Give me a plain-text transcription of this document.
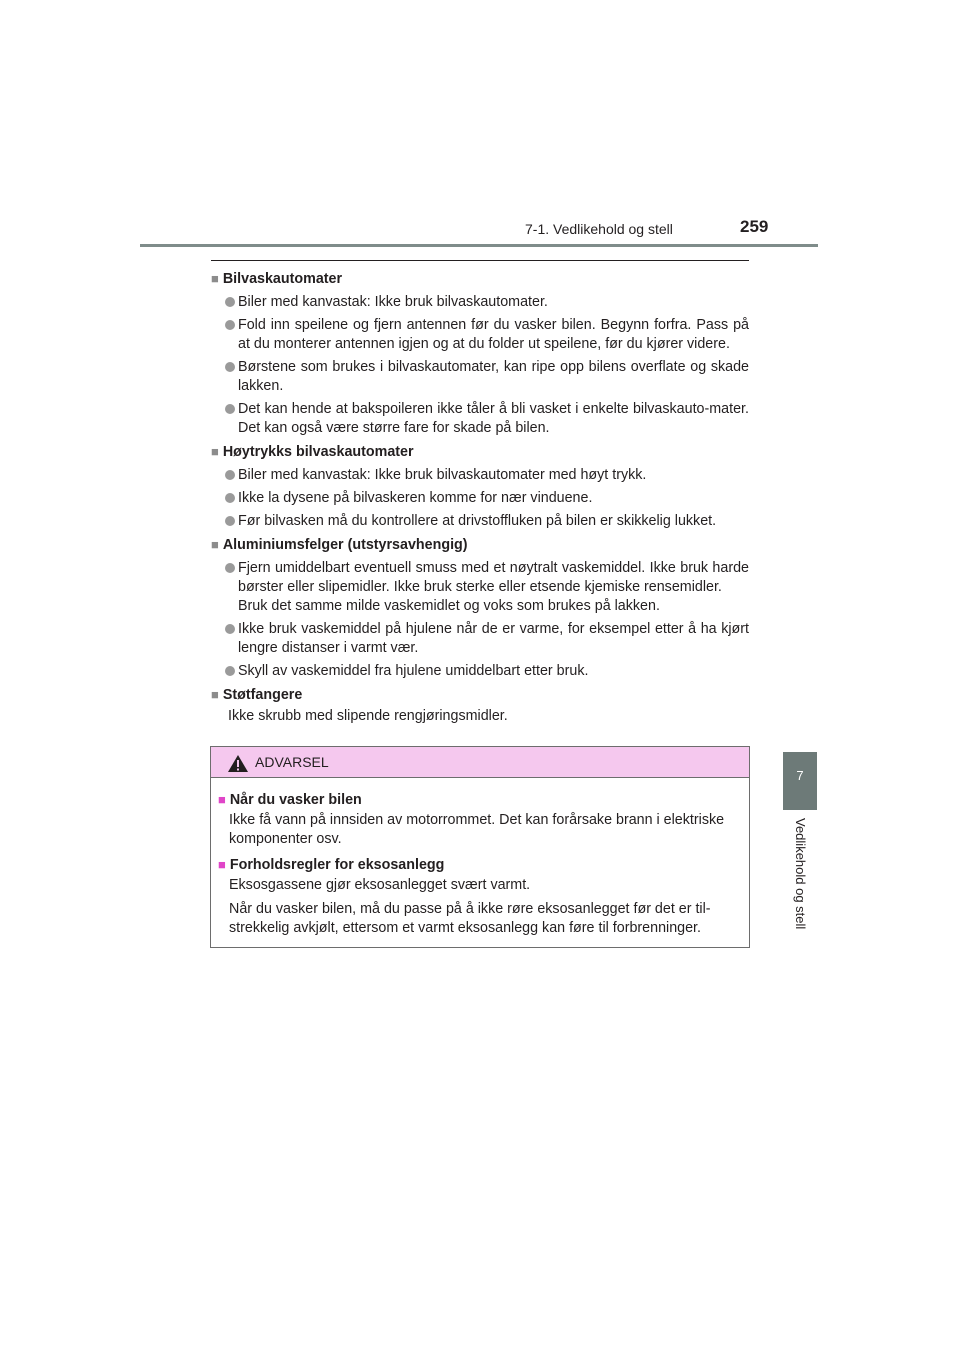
7-1. Vedlikehold og stell	259
7
Vedlikehold og stell
■ Bilvaskautomater
Biler med kanvastak: Ikke bruk bilvaskautomater.
Fold inn speilene og fjern antennen før du vasker bilen. Begynn forfra. Pass på at du monterer antennen igjen og at du folder ut speilene, før du kjører videre.
Børstene som brukes i bilvaskautomater, kan ripe opp bilens overflate og skade lakken.
Det kan hende at bakspoileren ikke tåler å bli vasket i enkelte bilvaskauto-mater. Det kan også være større fare for skade på bilen.
■ Høytrykks bilvaskautomater
Biler med kanvastak: Ikke bruk bilvaskautomater med høyt trykk.
Ikke la dysene på bilvaskeren komme for nær vinduene.
Før bilvasken må du kontrollere at drivstoffluken på bilen er skikkelig lukket.
■ Aluminiumsfelger (utstyrsavhengig)
Fjern umiddelbart eventuell smuss med et nøytralt vaskemiddel. Ikke bruk harde børster eller slipemidler. Ikke bruk sterke eller etsende kjemiske rensemidler.
Bruk det samme milde vaskemidlet og voks som brukes på lakken.
Ikke bruk vaskemiddel på hjulene når de er varme, for eksempel etter å ha kjørt lengre distanser i varmt vær.
Skyll av vaskemiddel fra hjulene umiddelbart etter bruk.
■ Støtfangere
Ikke skrubb med slipende rengjøringsmidler.
ADVARSEL
■ Når du vasker bilen
Ikke få vann på innsiden av motorrommet. Det kan forårsake brann i elektriske komponenter osv.
■ Forholdsregler for eksosanlegg
Eksosgassene gjør eksosanlegget svært varmt.
Når du vasker bilen, må du passe på å ikke røre eksosanlegget før det er til-strekkelig avkjølt, ettersom et varmt eksosanlegg kan føre til forbrenninger.
